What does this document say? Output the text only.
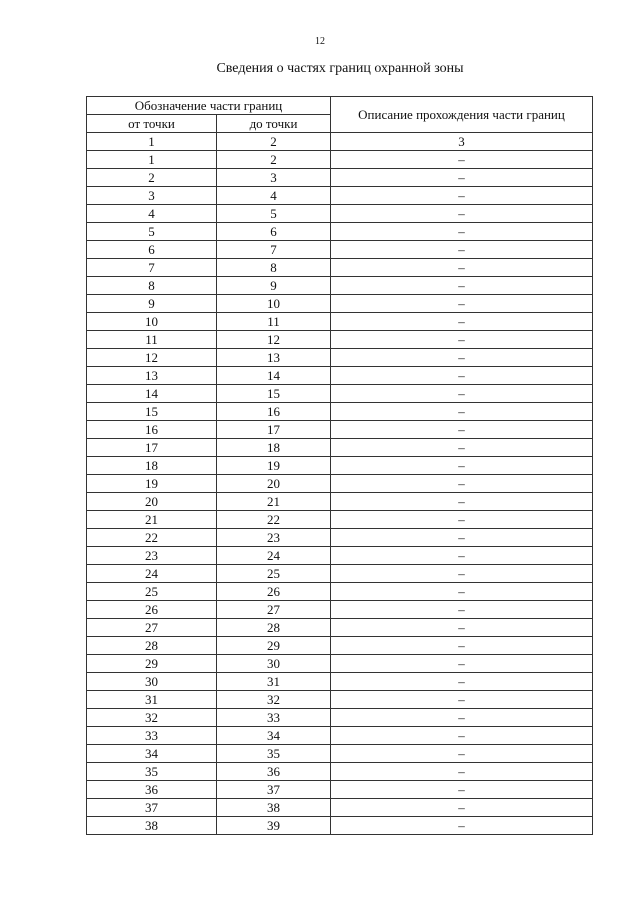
12
Сведения о частях границ охранной зоны
Обозначение части границ		Описание прохождения части границ
от точки	до точки	
1	2	3
1	2	–
2	3	–
3	4	–
4	5	–
5	6	–
6	7	–
7	8	–
8	9	–
9	10	–
10	11	–
11	12	–
12	13	–
13	14	–
14	15	–
15	16	–
16	17	–
17	18	–
18	19	–
19	20	–
20	21	–
21	22	–
22	23	–
23	24	–
24	25	–
25	26	–
26	27	–
27	28	–
28	29	–
29	30	–
30	31	–
31	32	–
32	33	–
33	34	–
34	35	–
35	36	–
36	37	–
37	38	–
38	39	–
